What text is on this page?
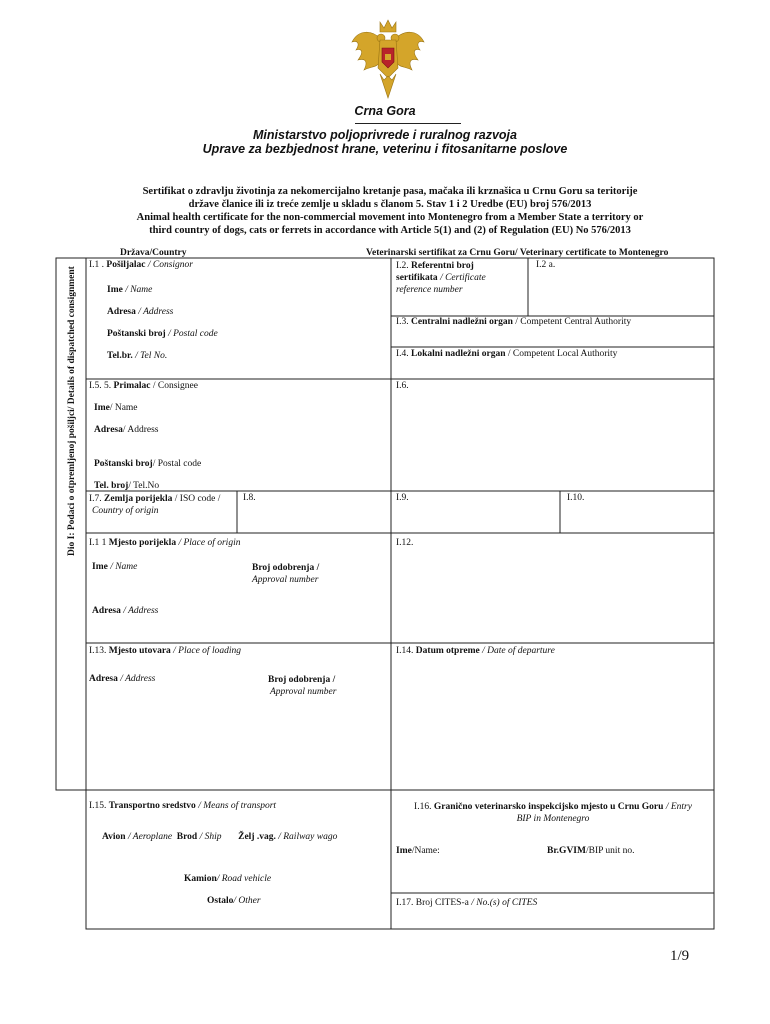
Crna Gora
Ministarstvo poljoprivrede i ruralnog razvoja
Uprave za bezbjednost hrane, veterinu i fitosanitarne poslove
Sertifikat o zdravlju životinja za nekomercijalno kretanje pasa, mačaka ili krznašica u Crnu Goru sa teritorije
države članice ili iz treće zemlje u skladu s članom 5. Stav 1 i 2 Uredbe (EU) broj 576/2013
Animal health certificate for the non-commercial movement into Montenegro from a Member State a territory or
third country of dogs, cats or ferrets in accordance with Article 5(1) and (2) of Regulation (EU) No 576/2013
Država/Country	Veterinarski sertifikat za Crnu Goru/ Veterinary certificate to Montenegro
Dio I: Podaci o otpremljenoj pošiljci/ Details of dispatched consignment
I.1 . Pošiljalac / Consignor
Ime / Name
Adresa / Address
Poštanski broj / Postal code
Tel.br. / Tel No.
I.2. Referentni broj
sertifikata / Certificate
reference number
I.2 a.
I.3. Centralni nadležni organ / Competent Central Authority
I.4. Lokalni nadležni organ / Competent Local Authority
I.5. 5. Primalac / Consignee
Ime/ Name
Adresa/ Address
Poštanski broj/ Postal code
Tel. broj/ Tel.No
I.6.
I.7. Zemlja porijekla / ISO code /
Country of origin
I.8.	I.9.	I.10.
I.1 1 Mjesto porijekla / Place of origin
Ime / Name	Broj odobrenja /
Approval number
Adresa / Address
I.12.
I.13. Mjesto utovara / Place of loading
Adresa / Address	Broj odobrenja /
Approval number
I.14. Datum otpreme / Date of departure
I.15. Transportno sredstvo / Means of transport
Avion / Aeroplane Brod / Ship Želj .vag. / Railway wago
Kamion/ Road vehicle
Ostalo/ Other
I.16. Granično veterinarsko inspekcijsko mjesto u Crnu Goru / Entry
BIP in Montenegro
Ime/Name:	Br.GVIM/BIP unit no.
I.17. Broj CITES-a / No.(s) of CITES
1/9
